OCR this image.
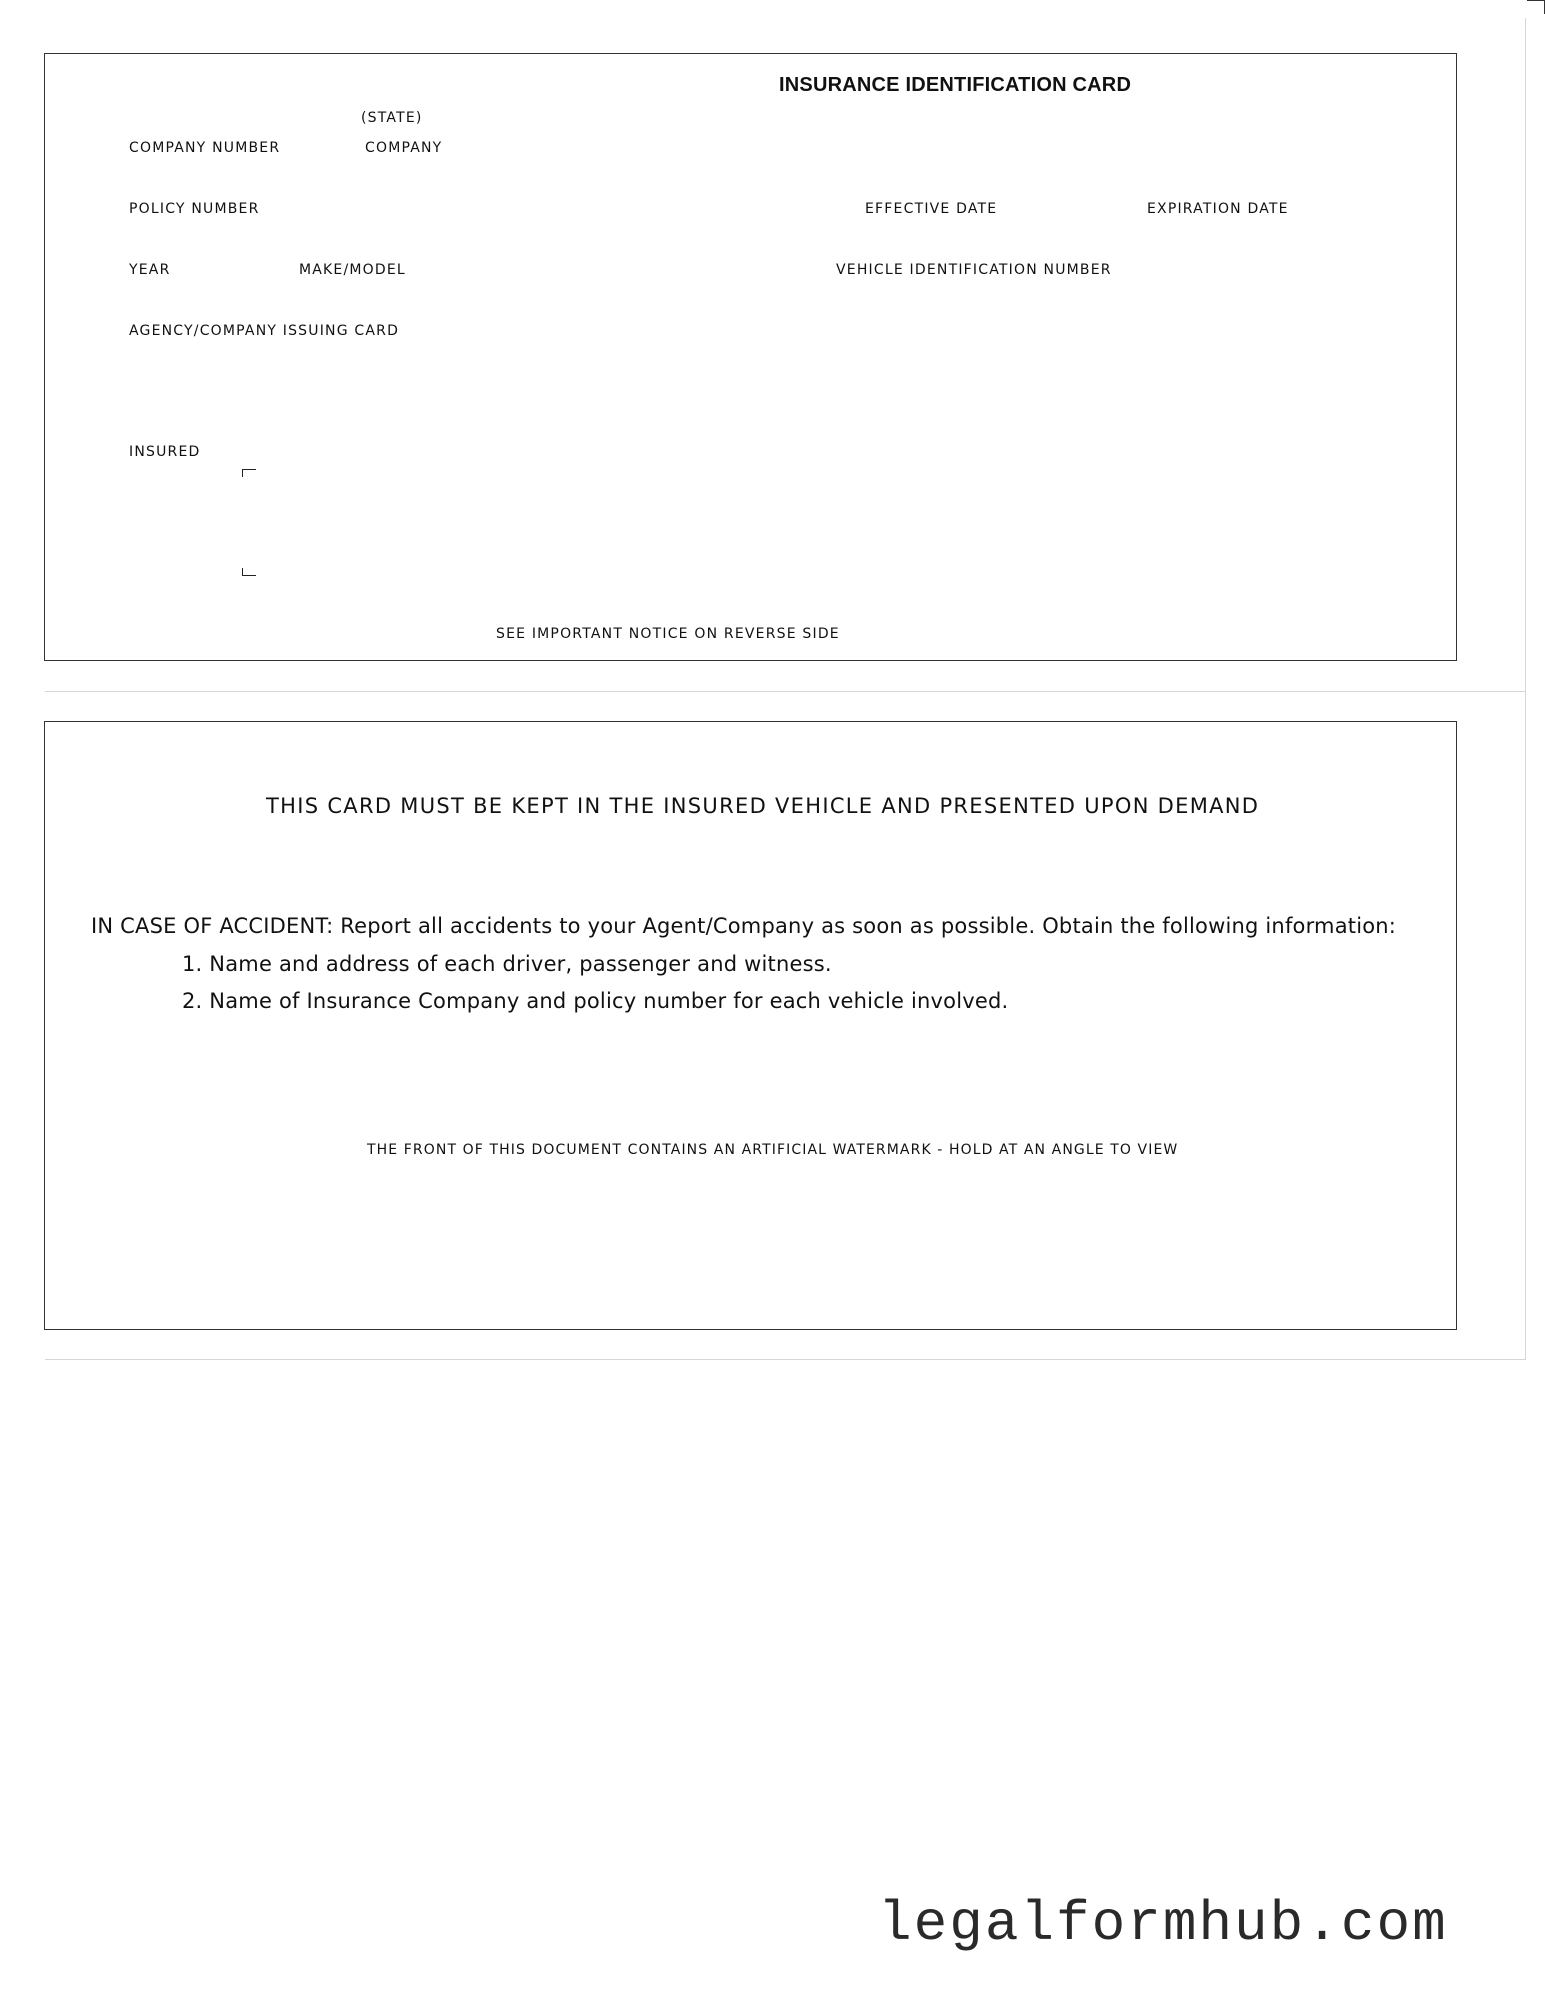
INSURANCE IDENTIFICATION CARD
(STATE)
COMPANY NUMBER	COMPANY
POLICY NUMBER	EFFECTIVE DATE	EXPIRATION DATE
YEAR	MAKE/MODEL	VEHICLE IDENTIFICATION NUMBER
AGENCY/COMPANY ISSUING CARD
INSURED
SEE IMPORTANT NOTICE ON REVERSE SIDE
THIS CARD MUST BE KEPT IN THE INSURED VEHICLE AND PRESENTED UPON DEMAND
IN CASE OF ACCIDENT: Report all accidents to your Agent/Company as soon as possible. Obtain the following information:
1. Name and address of each driver, passenger and witness.
2. Name of Insurance Company and policy number for each vehicle involved.
THE FRONT OF THIS DOCUMENT CONTAINS AN ARTIFICIAL WATERMARK - HOLD AT AN ANGLE TO VIEW
legalformhub.com
